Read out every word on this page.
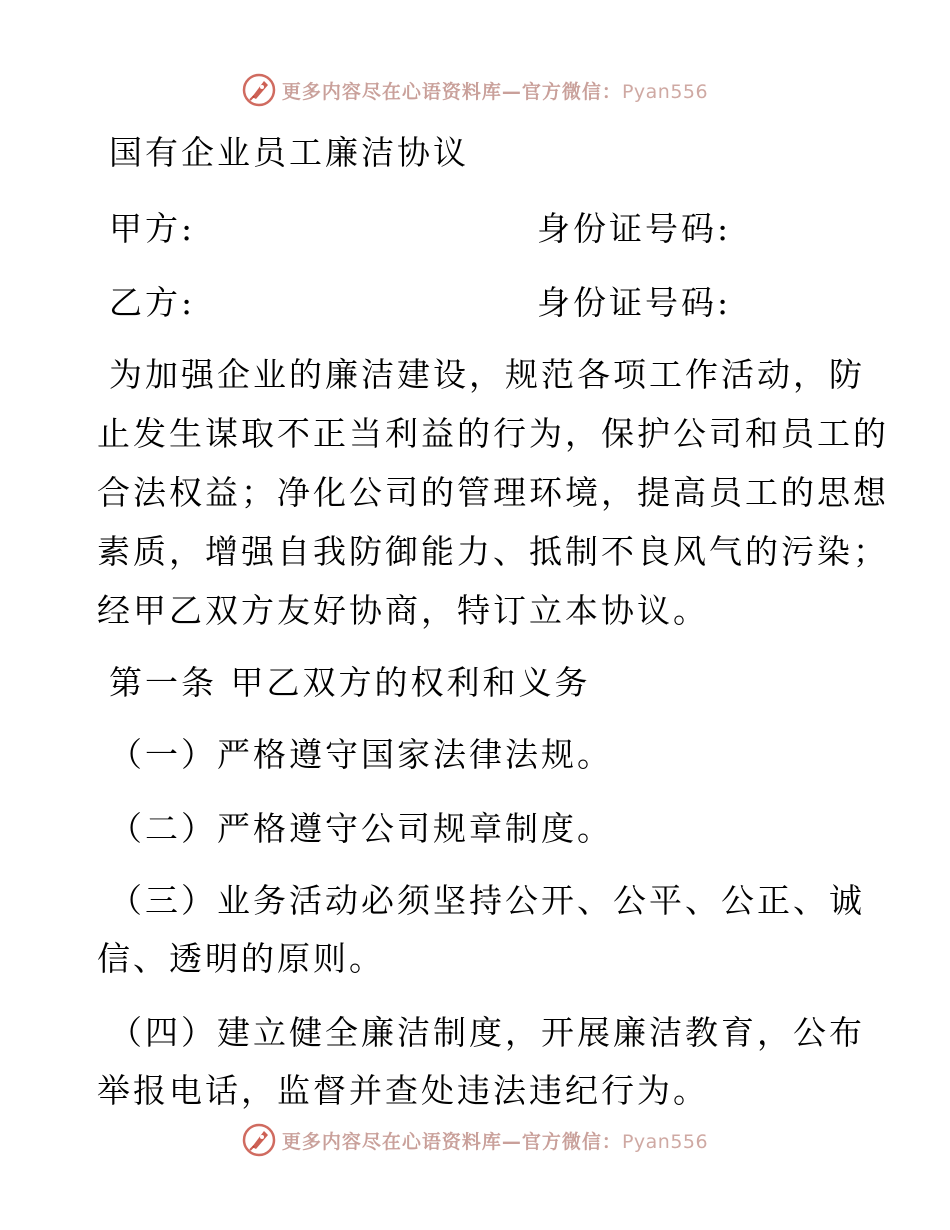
更多内容尽在心语资料库—官方微信：Pyan556
国有企业员工廉洁协议
甲方:	身份证号码:
乙方:	身份证号码:
为加强企业的廉洁建设，规范各项工作活动，防
止发生谋取不正当利益的行为，保护公司和员工的
合法权益；净化公司的管理环境，提高员工的思想
素质，增强自我防御能力、抵制不良风气的污染；
经甲乙双方友好协商，特订立本协议。
第一条 甲乙双方的权利和义务
（一）严格遵守国家法律法规。
（二）严格遵守公司规章制度。
（三）业务活动必须坚持公开、公平、公正、诚
信、透明的原则。
（四）建立健全廉洁制度，开展廉洁教育，公布
举报电话，监督并查处违法违纪行为。
更多内容尽在心语资料库—官方微信：Pyan556
